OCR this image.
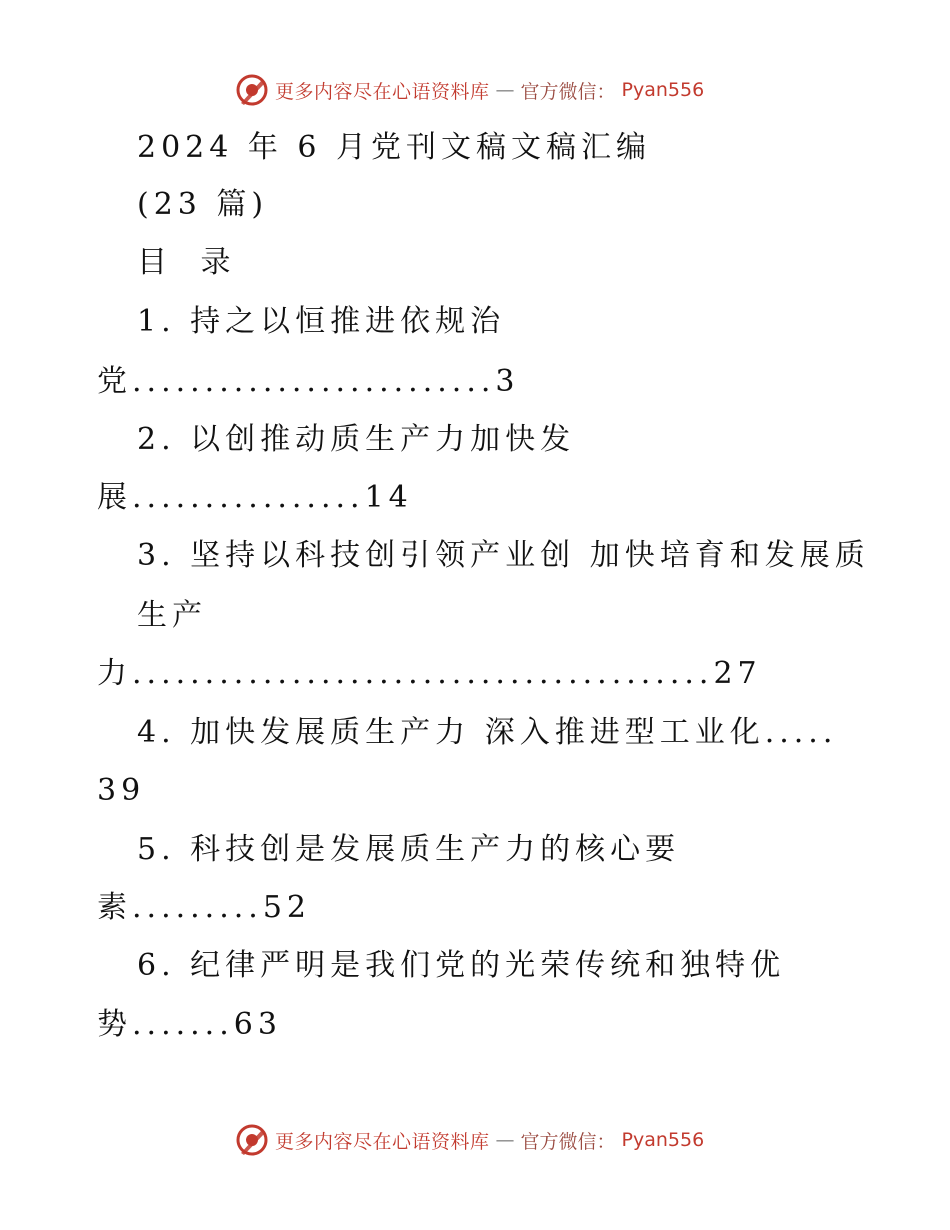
更多内容尽在心语资料库 — 官方微信： Pyan556
2024 年 6 月党刊文稿文稿汇编
(23 篇)
目 录
1. 持之以恒推进依规治
党.........................3
2. 以创推动质生产力加快发
展................14
3. 坚持以科技创引领产业创 加快培育和发展质
生产
力........................................27
4. 加快发展质生产力 深入推进型工业化.....
39
5. 科技创是发展质生产力的核心要
素.........52
6. 纪律严明是我们党的光荣传统和独特优
势.......63
更多内容尽在心语资料库 — 官方微信： Pyan556
